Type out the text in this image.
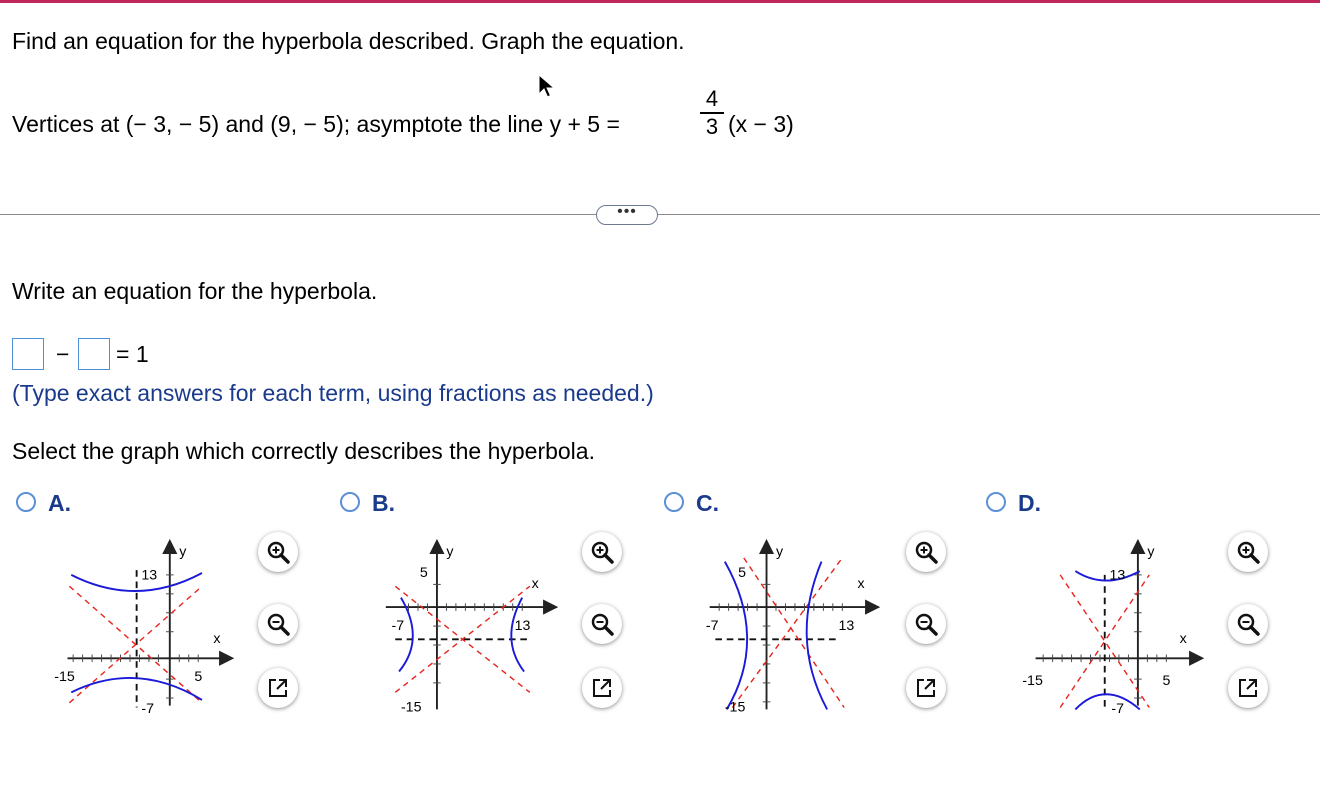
Find an equation for the hyperbola described. Graph the equation.
Vertices at (− 3, − 5) and (9, − 5); asymptote the line y + 5 =
4
3 (x − 3)
•••
Write an equation for the hyperbola.
− = 1
(Type exact answers for each term, using fractions as needed.)
Select the graph which correctly describes the hyperbola.
A.	B.	C.	D.
y
x
13
-15	5
-7
y
x
5
-7	13
-15
y
x
5
-7	13
-15
y
x
13
-15	5
-7
